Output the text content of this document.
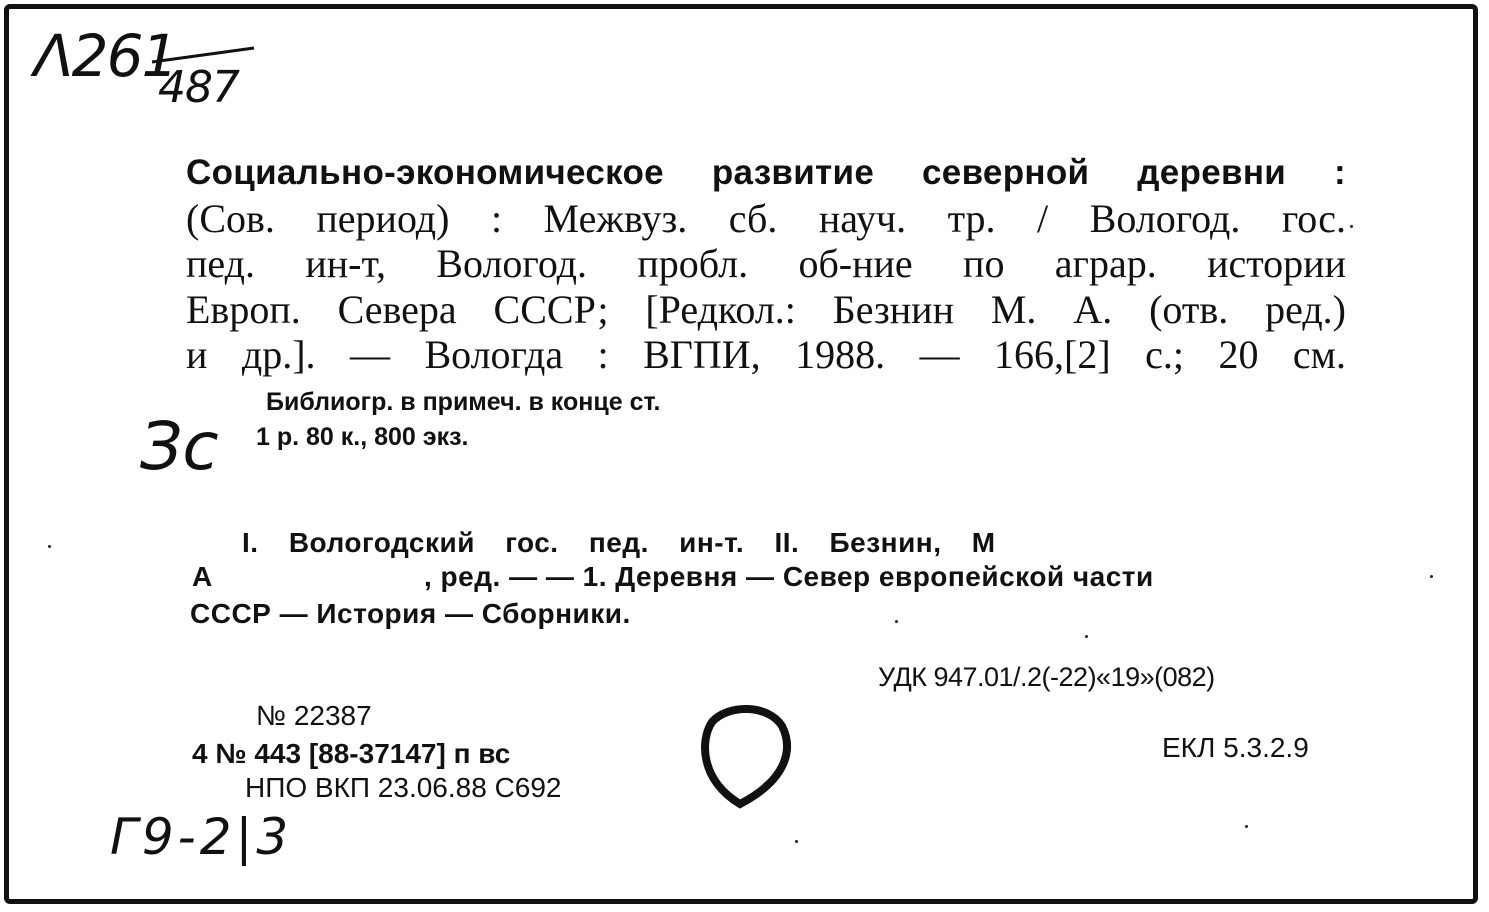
Λ261
487
Социально-экономическое развитие северной деревни :
(Сов. период) : Межвуз. сб. науч. тр. / Вологод. гос.
пед. ин-т, Вологод. пробл. об-ние по аграр. истории
Европ. Севера СССР; [Редкол.: Безнин М. А. (отв. ред.)
и др.]. — Вологда : ВГПИ, 1988. — 166,[2] с.; 20 см.
Библиогр. в примеч. в конце ст.
1 р. 80 к., 800 экз.
Зс
I. Вологодский гос. пед. ин-т. II. Безнин, М
А	, ред. — — 1. Деревня — Север европейской части
СССР — История — Сборники.
УДК 947.01/.2(-22)«19»(082)
ЕКЛ 5.3.2.9
№ 22387
4 № 443 [88-37147] п вс
НПО ВКП 23.06.88 С692
Г9-2|3
